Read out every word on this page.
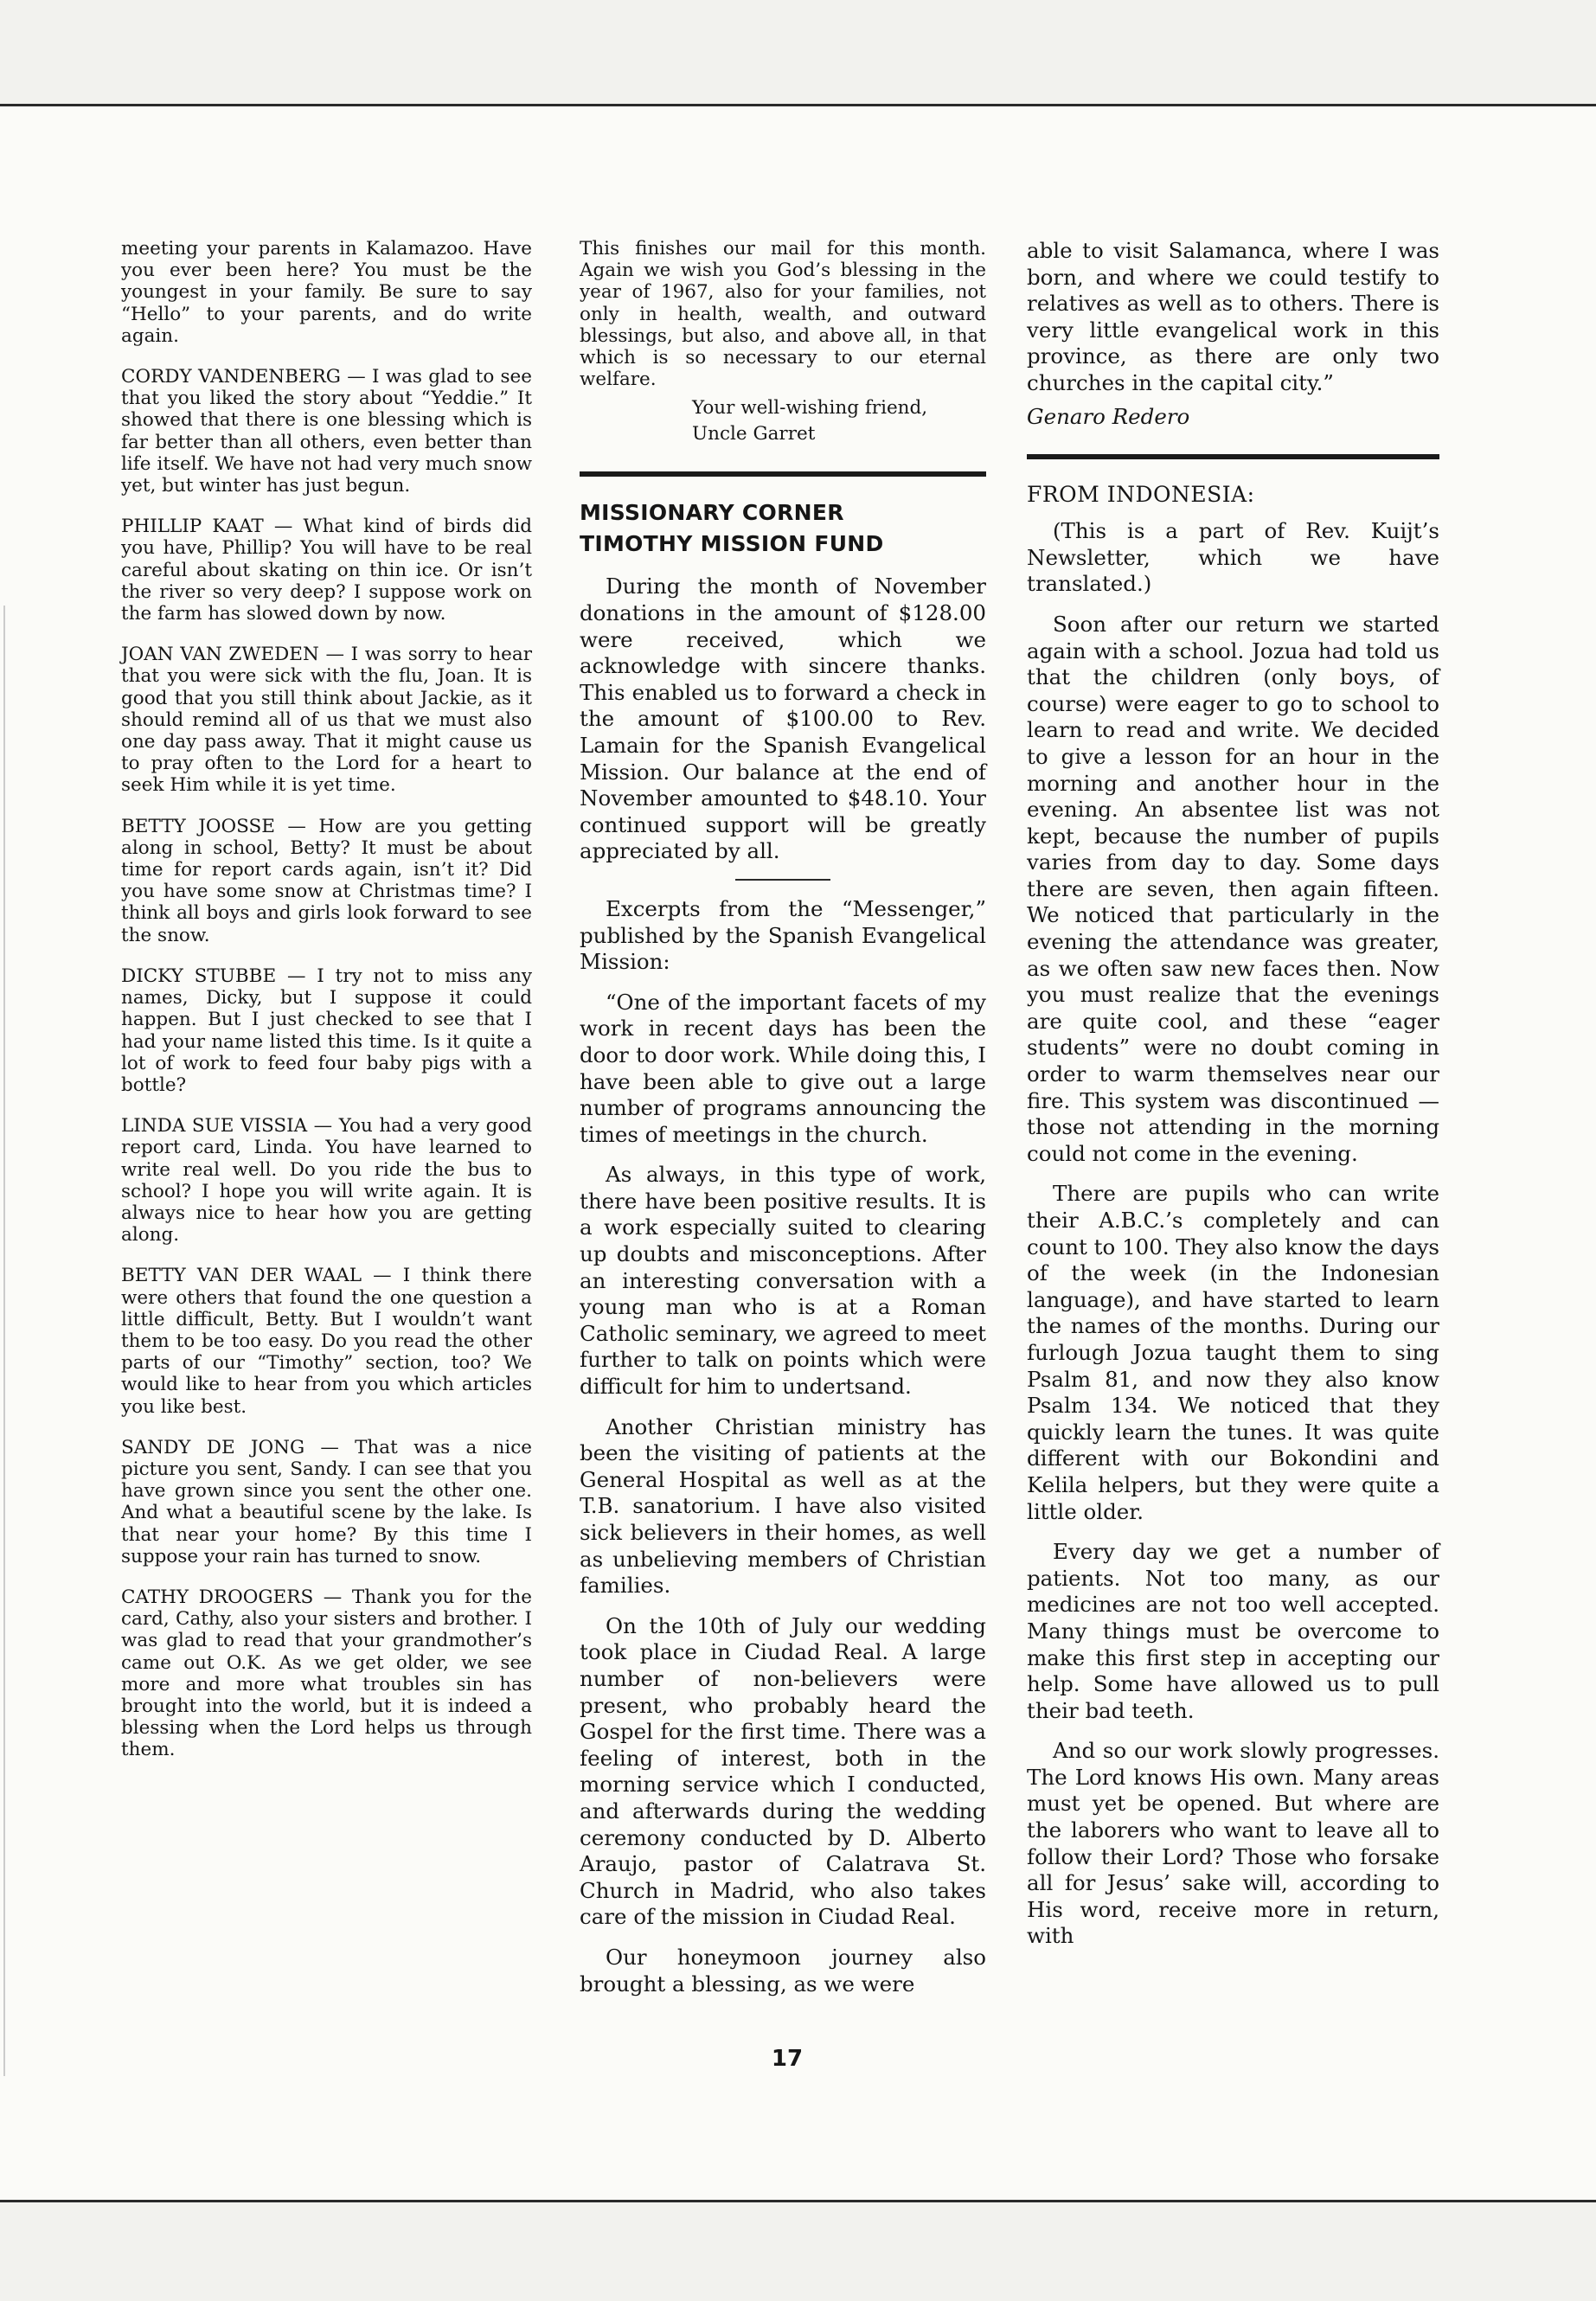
meeting your parents in Kalamazoo. Have you ever been here? You must be the youngest in your family. Be sure to say “Hello” to your parents, and do write again.

CORDY VANDENBERG — I was glad to see that you liked the story about “Yeddie.” It showed that there is one blessing which is far better than all others, even better than life itself. We have not had very much snow yet, but winter has just begun.

PHILLIP KAAT — What kind of birds did you have, Phillip? You will have to be real careful about skating on thin ice. Or isn’t the river so very deep? I suppose work on the farm has slowed down by now.

JOAN VAN ZWEDEN — I was sorry to hear that you were sick with the flu, Joan. It is good that you still think about Jackie, as it should remind all of us that we must also one day pass away. That it might cause us to pray often to the Lord for a heart to seek Him while it is yet time.

BETTY JOOSSE — How are you getting along in school, Betty? It must be about time for report cards again, isn’t it? Did you have some snow at Christmas time? I think all boys and girls look forward to see the snow.

DICKY STUBBE — I try not to miss any names, Dicky, but I suppose it could happen. But I just checked to see that I had your name listed this time. Is it quite a lot of work to feed four baby pigs with a bottle?

LINDA SUE VISSIA — You had a very good report card, Linda. You have learned to write real well. Do you ride the bus to school? I hope you will write again. It is always nice to hear how you are getting along.

BETTY VAN DER WAAL — I think there were others that found the one question a little difficult, Betty. But I wouldn’t want them to be too easy. Do you read the other parts of our “Timothy” section, too? We would like to hear from you which articles you like best.

SANDY DE JONG — That was a nice picture you sent, Sandy. I can see that you have grown since you sent the other one. And what a beautiful scene by the lake. Is that near your home? By this time I suppose your rain has turned to snow.

CATHY DROOGERS — Thank you for the card, Cathy, also your sisters and brother. I was glad to read that your grandmother’s came out O.K. As we get older, we see more and more what troubles sin has brought into the world, but it is indeed a blessing when the Lord helps us through them.

This finishes our mail for this month. Again we wish you God’s blessing in the year of 1967, also for your families, not only in health, wealth, and outward blessings, but also, and above all, in that which is so necessary to our eternal welfare.

Your well-wishing friend,
Uncle Garret
MISSIONARY CORNER
TIMOTHY MISSION FUND

During the month of November donations in the amount of $128.00 were received, which we acknowledge with sincere thanks. This enabled us to forward a check in the amount of $100.00 to Rev. Lamain for the Spanish Evangelical Mission. Our balance at the end of November amounted to $48.10. Your continued support will be greatly appreciated by all.

Excerpts from the “Messenger,” published by the Spanish Evangelical Mission:

“One of the important facets of my work in recent days has been the door to door work. While doing this, I have been able to give out a large number of programs announcing the times of meetings in the church.

As always, in this type of work, there have been positive results. It is a work especially suited to clearing up doubts and misconceptions. After an interesting conversation with a young man who is at a Roman Catholic seminary, we agreed to meet further to talk on points which were difficult for him to undertsand.

Another Christian ministry has been the visiting of patients at the General Hospital as well as at the T.B. sanatorium. I have also visited sick believers in their homes, as well as unbelieving members of Christian families.

On the 10th of July our wedding took place in Ciudad Real. A large number of non-believers were present, who probably heard the Gospel for the first time. There was a feeling of interest, both in the morning service which I conducted, and afterwards during the wedding ceremony conducted by D. Alberto Araujo, pastor of Calatrava St. Church in Madrid, who also takes care of the mission in Ciudad Real.

Our honeymoon journey also brought a blessing, as we were

able to visit Salamanca, where I was born, and where we could testify to relatives as well as to others. There is very little evangelical work in this province, as there are only two churches in the capital city.”

Genaro Redero

FROM INDONESIA:

(This is a part of Rev. Kuijt’s Newsletter, which we have translated.)

Soon after our return we started again with a school. Jozua had told us that the children (only boys, of course) were eager to go to school to learn to read and write. We decided to give a lesson for an hour in the morning and another hour in the evening. An absentee list was not kept, because the number of pupils varies from day to day. Some days there are seven, then again fifteen. We noticed that particularly in the evening the attendance was greater, as we often saw new faces then. Now you must realize that the evenings are quite cool, and these “eager students” were no doubt coming in order to warm themselves near our fire. This system was discontinued — those not attending in the morning could not come in the evening.

There are pupils who can write their A.B.C.’s completely and can count to 100. They also know the days of the week (in the Indonesian language), and have started to learn the names of the months. During our furlough Jozua taught them to sing Psalm 81, and now they also know Psalm 134. We noticed that they quickly learn the tunes. It was quite different with our Bokondini and Kelila helpers, but they were quite a little older.

Every day we get a number of patients. Not too many, as our medicines are not too well accepted. Many things must be overcome to make this first step in accepting our help. Some have allowed us to pull their bad teeth.

And so our work slowly progresses. The Lord knows His own. Many areas must yet be opened. But where are the laborers who want to leave all to follow their Lord? Those who forsake all for Jesus’ sake will, according to His word, receive more in return, with

17
